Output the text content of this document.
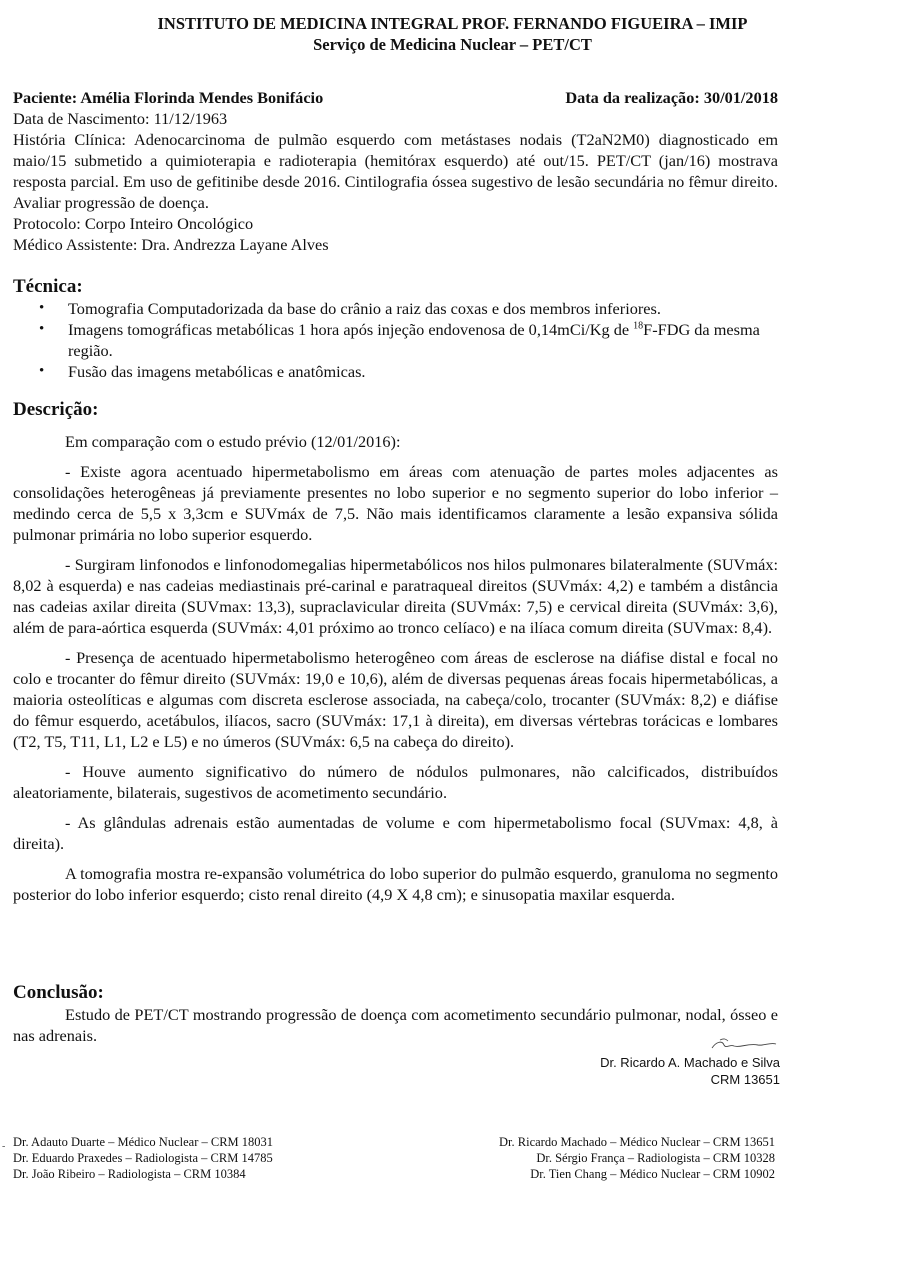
INSTITUTO DE MEDICINA INTEGRAL PROF. FERNANDO FIGUEIRA – IMIP
Serviço de Medicina Nuclear – PET/CT
Paciente: Amélia Florinda Mendes Bonifácio	Data da realização: 30/01/2018
Data de Nascimento: 11/12/1963
História Clínica: Adenocarcinoma de pulmão esquerdo com metástases nodais (T2aN2M0) diagnosticado em maio/15 submetido a quimioterapia e radioterapia (hemitórax esquerdo) até out/15. PET/CT (jan/16) mostrava resposta parcial. Em uso de gefitinibe desde 2016. Cintilografia óssea sugestivo de lesão secundária no fêmur direito. Avaliar progressão de doença.
Protocolo: Corpo Inteiro Oncológico
Médico Assistente: Dra. Andrezza Layane Alves
Técnica:
• Tomografia Computadorizada da base do crânio a raiz das coxas e dos membros inferiores.
• Imagens tomográficas metabólicas 1 hora após injeção endovenosa de 0,14mCi/Kg de $^{18}$F-FDG da mesma região.
• Fusão das imagens metabólicas e anatômicas.
Descrição:

Em comparação com o estudo prévio (12/01/2016):

- Existe agora acentuado hipermetabolismo em áreas com atenuação de partes moles adjacentes as consolidações heterogêneas já previamente presentes no lobo superior e no segmento superior do lobo inferior – medindo cerca de 5,5 x 3,3cm e SUVmáx de 7,5. Não mais identificamos claramente a lesão expansiva sólida pulmonar primária no lobo superior esquerdo.

- Surgiram linfonodos e linfonodomegalias hipermetabólicos nos hilos pulmonares bilateralmente (SUVmáx: 8,02 à esquerda) e nas cadeias mediastinais pré-carinal e paratraqueal direitos (SUVmáx: 4,2) e também a distância nas cadeias axilar direita (SUVmax: 13,3), supraclavicular direita (SUVmáx: 7,5) e cervical direita (SUVmáx: 3,6), além de para-aórtica esquerda (SUVmáx: 4,01 próximo ao tronco celíaco) e na ilíaca comum direita (SUVmax: 8,4).

- Presença de acentuado hipermetabolismo heterogêneo com áreas de esclerose na diáfise distal e focal no colo e trocanter do fêmur direito (SUVmáx: 19,0 e 10,6), além de diversas pequenas áreas focais hipermetabólicas, a maioria osteolíticas e algumas com discreta esclerose associada, na cabeça/colo, trocanter (SUVmáx: 8,2) e diáfise do fêmur esquerdo, acetábulos, ilíacos, sacro (SUVmáx: 17,1 à direita), em diversas vértebras torácicas e lombares (T2, T5, T11, L1, L2 e L5) e no úmeros (SUVmáx: 6,5 na cabeça do direito).

- Houve aumento significativo do número de nódulos pulmonares, não calcificados, distribuídos aleatoriamente, bilaterais, sugestivos de acometimento secundário.

- As glândulas adrenais estão aumentadas de volume e com hipermetabolismo focal (SUVmax: 4,8, à direita).

A tomografia mostra re-expansão volumétrica do lobo superior do pulmão esquerdo, granuloma no segmento posterior do lobo inferior esquerdo; cisto renal direito (4,9 X 4,8 cm); e sinusopatia maxilar esquerda.

Conclusão:

Estudo de PET/CT mostrando progressão de doença com acometimento secundário pulmonar, nodal, ósseo e nas adrenais.

Dr. Ricardo A. Machado e Silva
CRM 13651
- Dr. Adauto Duarte – Médico Nuclear – CRM 18031
Dr. Eduardo Praxedes – Radiologista – CRM 14785
Dr. João Ribeiro – Radiologista – CRM 10384
Dr. Ricardo Machado – Médico Nuclear – CRM 13651
Dr. Sérgio França – Radiologista – CRM 10328
Dr. Tien Chang – Médico Nuclear – CRM 10902
